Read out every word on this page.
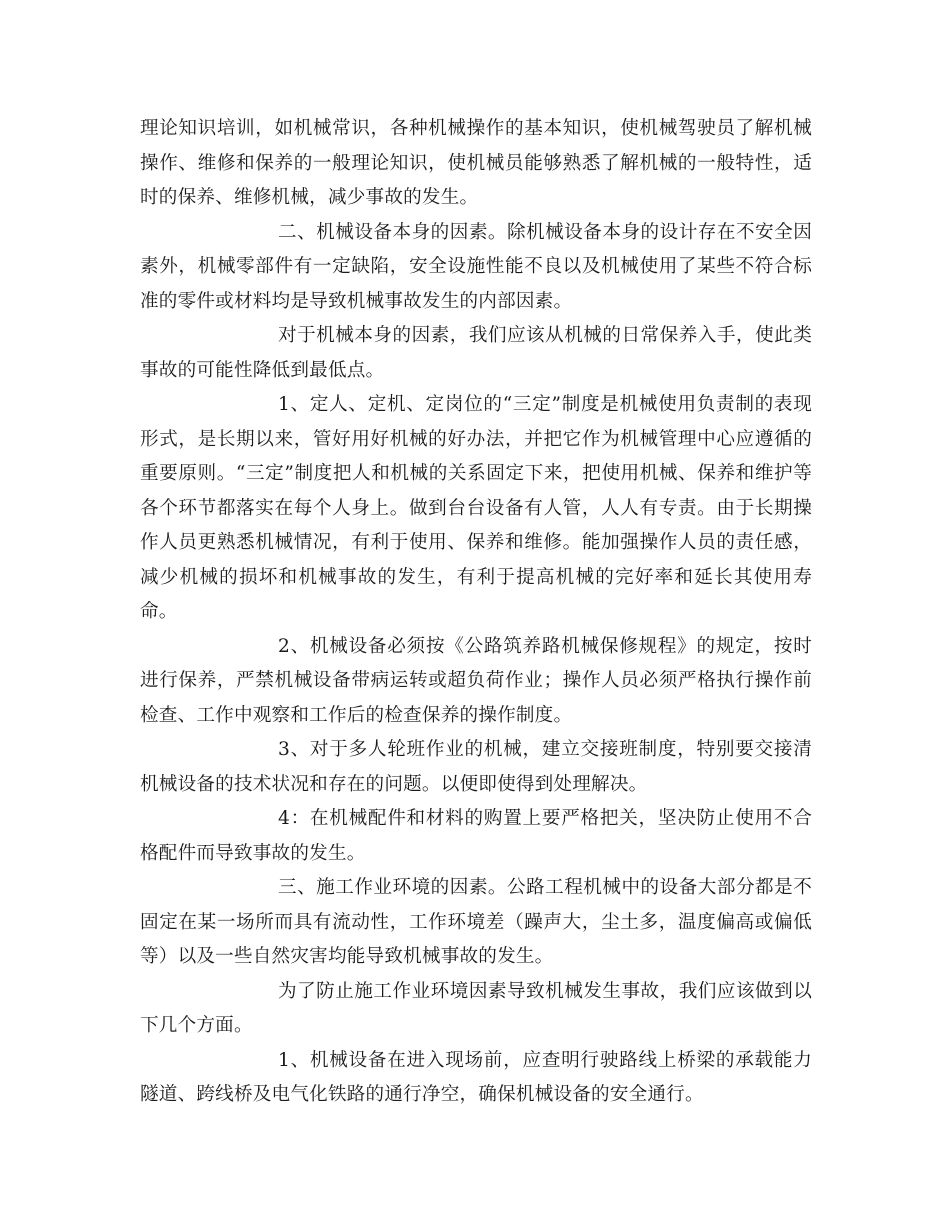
理论知识培训，如机械常识，各种机械操作的基本知识，使机械驾驶员了解机械操作、维修和保养的一般理论知识，使机械员能够熟悉了解机械的一般特性，适时的保养、维修机械，减少事故的发生。

二、机械设备本身的因素。除机械设备本身的设计存在不安全因素外，机械零部件有一定缺陷，安全设施性能不良以及机械使用了某些不符合标准的零件或材料均是导致机械事故发生的内部因素。

对于机械本身的因素，我们应该从机械的日常保养入手，使此类事故的可能性降低到最低点。

1、定人、定机、定岗位的“三定”制度是机械使用负责制的表现形式，是长期以来，管好用好机械的好办法，并把它作为机械管理中心应遵循的重要原则。“三定”制度把人和机械的关系固定下来，把使用机械、保养和维护等各个环节都落实在每个人身上。做到台台设备有人管，人人有专责。由于长期操作人员更熟悉机械情况，有利于使用、保养和维修。能加强操作人员的责任感，减少机械的损坏和机械事故的发生，有利于提高机械的完好率和延长其使用寿命。

2、机械设备必须按《公路筑养路机械保修规程》的规定，按时进行保养，严禁机械设备带病运转或超负荷作业；操作人员必须严格执行操作前检查、工作中观察和工作后的检查保养的操作制度。

3、对于多人轮班作业的机械，建立交接班制度，特别要交接清机械设备的技术状况和存在的问题。以便即使得到处理解决。

4：在机械配件和材料的购置上要严格把关，坚决防止使用不合格配件而导致事故的发生。

三、施工作业环境的因素。公路工程机械中的设备大部分都是不固定在某一场所而具有流动性，工作环境差（躁声大，尘土多，温度偏高或偏低等）以及一些自然灾害均能导致机械事故的发生。

为了防止施工作业环境因素导致机械发生事故，我们应该做到以下几个方面。

1、机械设备在进入现场前，应查明行驶路线上桥梁的承载能力隧道、跨线桥及电气化铁路的通行净空，确保机械设备的安全通行。
